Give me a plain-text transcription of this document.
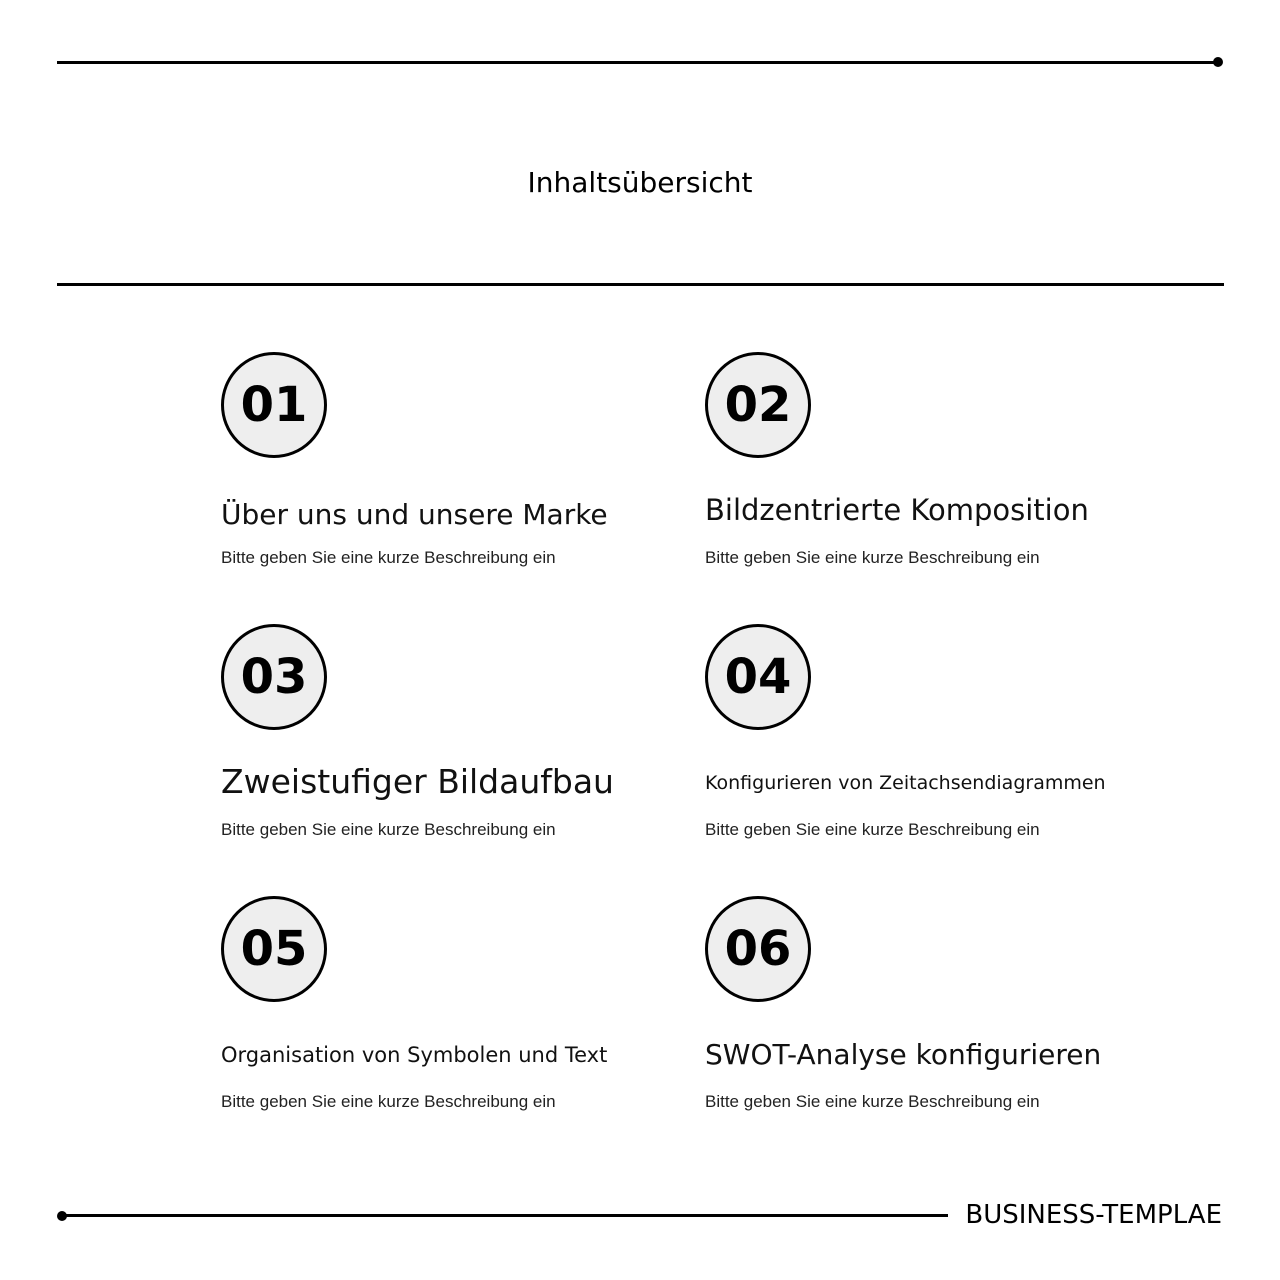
Inhaltsübersicht
01
Über uns und unsere Marke
Bitte geben Sie eine kurze Beschreibung ein
02
Bildzentrierte Komposition
Bitte geben Sie eine kurze Beschreibung ein
03
Zweistufiger Bildaufbau
Bitte geben Sie eine kurze Beschreibung ein
04
Konfigurieren von Zeitachsendiagrammen
Bitte geben Sie eine kurze Beschreibung ein
05
Organisation von Symbolen und Text
Bitte geben Sie eine kurze Beschreibung ein
06
SWOT-Analyse konfigurieren
Bitte geben Sie eine kurze Beschreibung ein
BUSINESS-TEMPLAE
